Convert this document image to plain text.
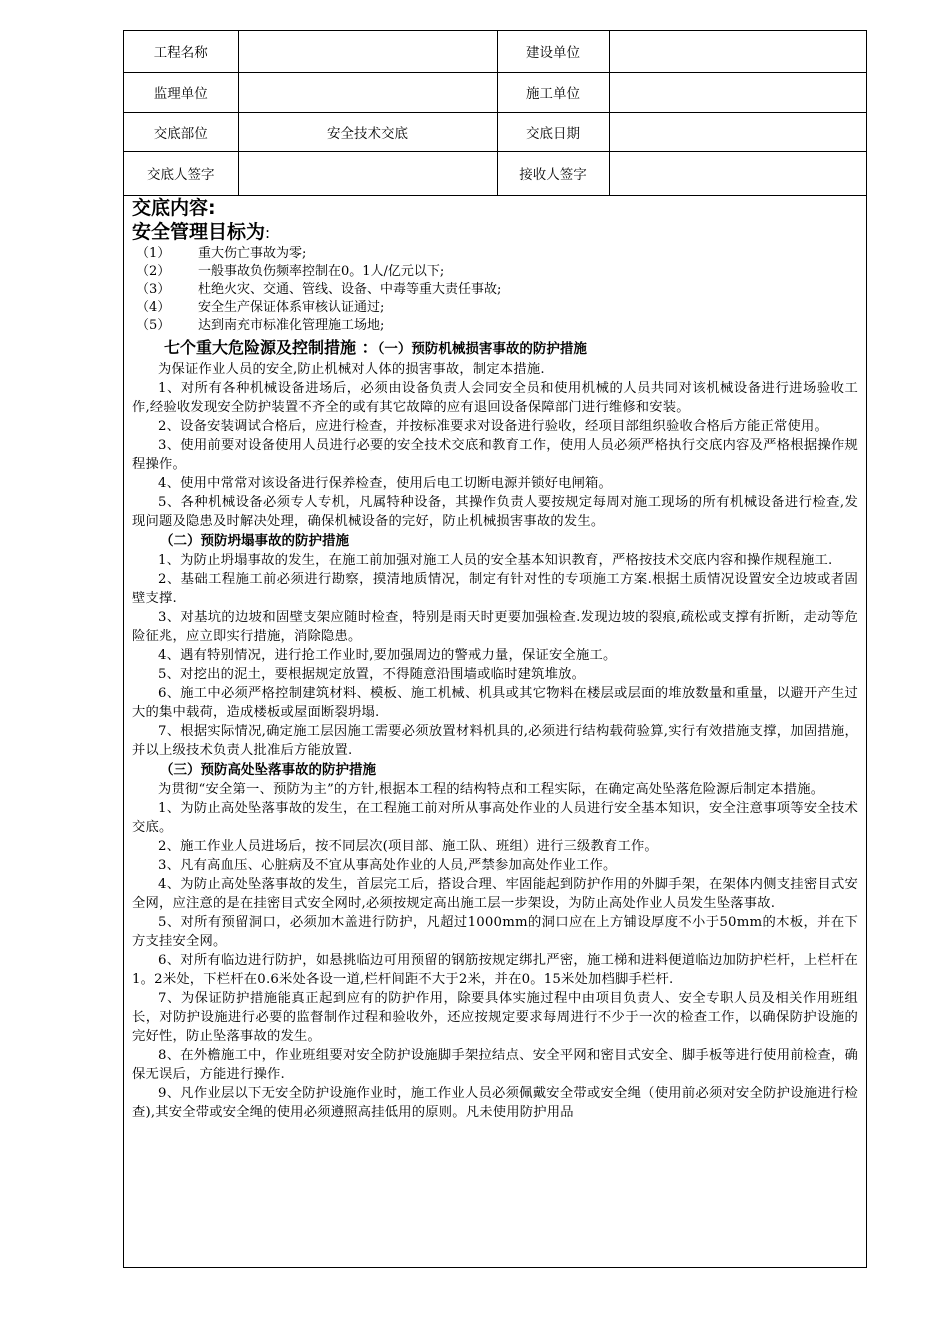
工程名称		建设单位	
监理单位		施工单位	
交底部位	安全技术交底	交底日期	
交底人签字		接收人签字	

交底内容:

安全管理目标为:

（1） 重大伤亡事故为零;

（2） 一般事故负伤频率控制在0。1人/亿元以下;

（3） 杜绝火灾、交通、管线、设备、中毒等重大责任事故;

（4） 安全生产保证体系审核认证通过;

（5） 达到南充市标准化管理施工场地;

七个重大危险源及控制措施 ：（一）预防机械损害事故的防护措施

为保证作业人员的安全,防止机械对人体的损害事故，制定本措施.

1、对所有各种机械设备进场后，必须由设备负责人会同安全员和使用机械的人员共同对该机械设备进行进场验收工作,经验收发现安全防护装置不齐全的或有其它故障的应有退回设备保障部门进行维修和安装。

2、设备安装调试合格后，应进行检查，并按标准要求对设备进行验收，经项目部组织验收合格后方能正常使用。

3、使用前要对设备使用人员进行必要的安全技术交底和教育工作，使用人员必须严格执行交底内容及严格根据操作规程操作。

4、使用中常常对该设备进行保养检查，使用后电工切断电源并锁好电闸箱。

5、各种机械设备必须专人专机，凡属特种设备，其操作负责人要按规定每周对施工现场的所有机械设备进行检查,发现问题及隐患及时解决处理，确保机械设备的完好，防止机械损害事故的发生。

（二）预防坍塌事故的防护措施

1、为防止坍塌事故的发生，在施工前加强对施工人员的安全基本知识教育，严格按技术交底内容和操作规程施工.

2、基础工程施工前必须进行勘察，摸清地质情况，制定有针对性的专项施工方案.根据土质情况设置安全边坡或者固壁支撑.

3、对基坑的边坡和固壁支架应随时检查，特别是雨天时更要加强检查.发现边坡的裂痕,疏松或支撑有折断，走动等危险征兆，应立即实行措施，消除隐患。

4、遇有特别情况，进行抢工作业时,要加强周边的警戒力量，保证安全施工。

5、对挖出的泥土，要根据规定放置，不得随意沿围墙或临时建筑堆放。

6、施工中必须严格控制建筑材料、模板、施工机械、机具或其它物料在楼层或层面的堆放数量和重量，以避开产生过大的集中载荷，造成楼板或屋面断裂坍塌.

7、根据实际情况,确定施工层因施工需要必须放置材料机具的,必须进行结构载荷验算,实行有效措施支撑，加固措施，并以上级技术负责人批准后方能放置.

（三）预防高处坠落事故的防护措施

为贯彻“安全第一、预防为主”的方针,根据本工程的结构特点和工程实际，在确定高处坠落危险源后制定本措施。

1、为防止高处坠落事故的发生，在工程施工前对所从事高处作业的人员进行安全基本知识，安全注意事项等安全技术交底。

2、施工作业人员进场后，按不同层次(项目部、施工队、班组）进行三级教育工作。

3、凡有高血压、心脏病及不宜从事高处作业的人员,严禁参加高处作业工作。

4、为防止高处坠落事故的发生，首层完工后，搭设合理、牢固能起到防护作用的外脚手架，在架体内侧支挂密目式安全网，应注意的是在挂密目式安全网时,必须按规定高出施工层一步架设，为防止高处作业人员发生坠落事故.

5、对所有预留洞口，必须加木盖进行防护，凡超过1000mm的洞口应在上方铺设厚度不小于50mm的木板，并在下方支挂安全网。

6、对所有临边进行防护，如悬挑临边可用预留的钢筋按规定绑扎严密，施工梯和进料便道临边加防护栏杆，上栏杆在1。2米处，下栏杆在0.6米处各设一道,栏杆间距不大于2米，并在0。15米处加档脚手栏杆.

7、为保证防护措施能真正起到应有的防护作用，除要具体实施过程中由项目负责人、安全专职人员及相关作用班组长，对防护设施进行必要的监督制作过程和验收外，还应按规定要求每周进行不少于一次的检查工作，以确保防护设施的完好性，防止坠落事故的发生。

8、在外檐施工中，作业班组要对安全防护设施脚手架拉结点、安全平网和密目式安全、脚手板等进行使用前检查，确保无误后，方能进行操作.

9、凡作业层以下无安全防护设施作业时，施工作业人员必须佩戴安全带或安全绳（使用前必须对安全防护设施进行检查),其安全带或安全绳的使用必须遵照高挂低用的原则。凡未使用防护用品
